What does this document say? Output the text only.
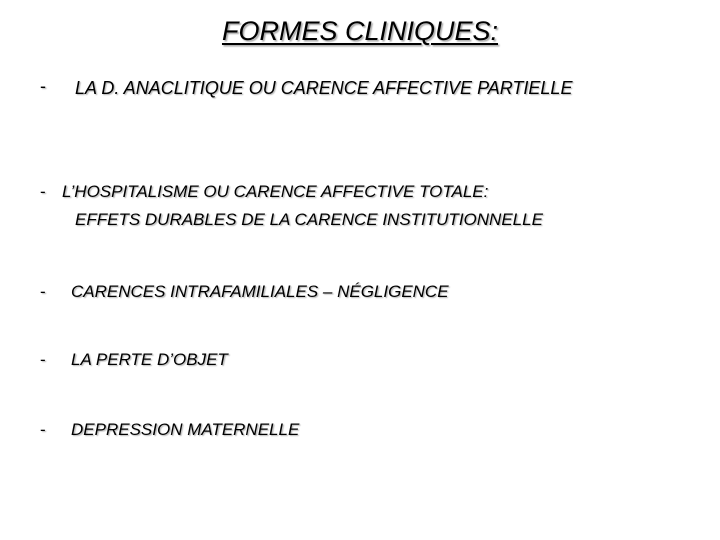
FORMES CLINIQUES:
- LA D. ANACLITIQUE OU CARENCE AFFECTIVE PARTIELLE
- L’HOSPITALISME OU CARENCE AFFECTIVE TOTALE:
EFFETS DURABLES DE LA CARENCE INSTITUTIONNELLE
- CARENCES INTRAFAMILIALES – NÉGLIGENCE
- LA PERTE D’OBJET
- DEPRESSION MATERNELLE
